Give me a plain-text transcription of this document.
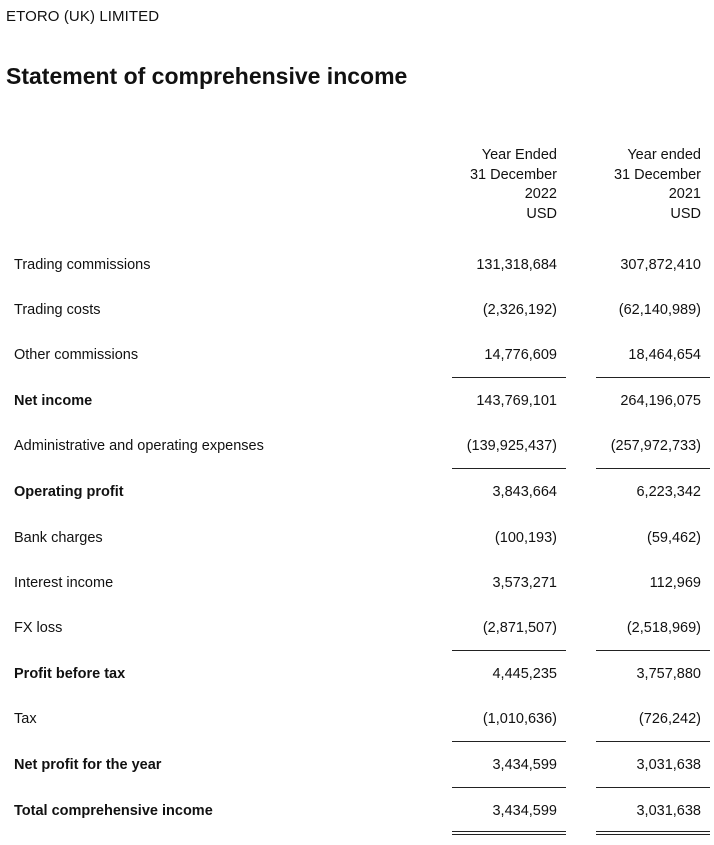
ETORO (UK) LIMITED
Statement of comprehensive income
Year Ended
31 December
2022
USD
Year ended
31 December
2021
USD
Trading commissions	131,318,684	307,872,410
Trading costs	(2,326,192)	(62,140,989)
Other commissions	14,776,609	18,464,654
Net income	143,769,101	264,196,075
Administrative and operating expenses	(139,925,437)	(257,972,733)
Operating profit	3,843,664	6,223,342
Bank charges	(100,193)	(59,462)
Interest income	3,573,271	112,969
FX loss	(2,871,507)	(2,518,969)
Profit before tax	4,445,235	3,757,880
Tax	(1,010,636)	(726,242)
Net profit for the year	3,434,599	3,031,638
Total comprehensive income	3,434,599	3,031,638
